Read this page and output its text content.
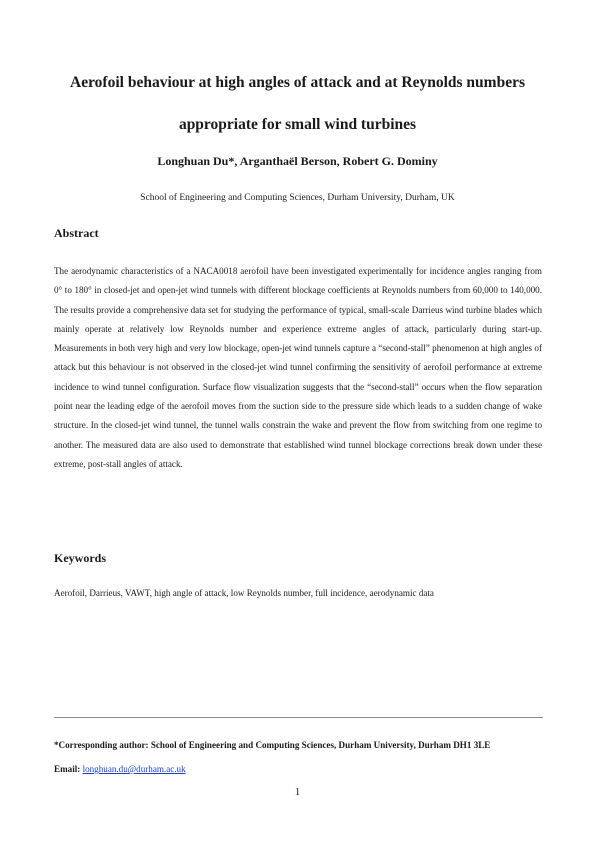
Aerofoil behaviour at high angles of attack and at Reynolds numbers
appropriate for small wind turbines
Longhuan Du*, Arganthaël Berson, Robert G. Dominy
School of Engineering and Computing Sciences, Durham University, Durham, UK
Abstract

The aerodynamic characteristics of a NACA0018 aerofoil have been investigated experimentally for incidence angles ranging from 0° to 180° in closed-jet and open-jet wind tunnels with different blockage coefficients at Reynolds numbers from 60,000 to 140,000. The results provide a comprehensive data set for studying the performance of typical, small-scale Darrieus wind turbine blades which mainly operate at relatively low Reynolds number and experience extreme angles of attack, particularly during start-up. Measurements in both very high and very low blockage, open-jet wind tunnels capture a “second-stall” phenomenon at high angles of attack but this behaviour is not observed in the closed-jet wind tunnel confirming the sensitivity of aerofoil performance at extreme incidence to wind tunnel configuration. Surface flow visualization suggests that the “second-stall” occurs when the flow separation point near the leading edge of the aerofoil moves from the suction side to the pressure side which leads to a sudden change of wake structure. In the closed-jet wind tunnel, the tunnel walls constrain the wake and prevent the flow from switching from one regime to another. The measured data are also used to demonstrate that established wind tunnel blockage corrections break down under these extreme, post-stall angles of attack.

Keywords

Aerofoil, Darrieus, VAWT, high angle of attack, low Reynolds number, full incidence, aerodynamic data

*Corresponding author: School of Engineering and Computing Sciences, Durham University, Durham DH1 3LE

Email: longhuan.du@durham.ac.uk

1
